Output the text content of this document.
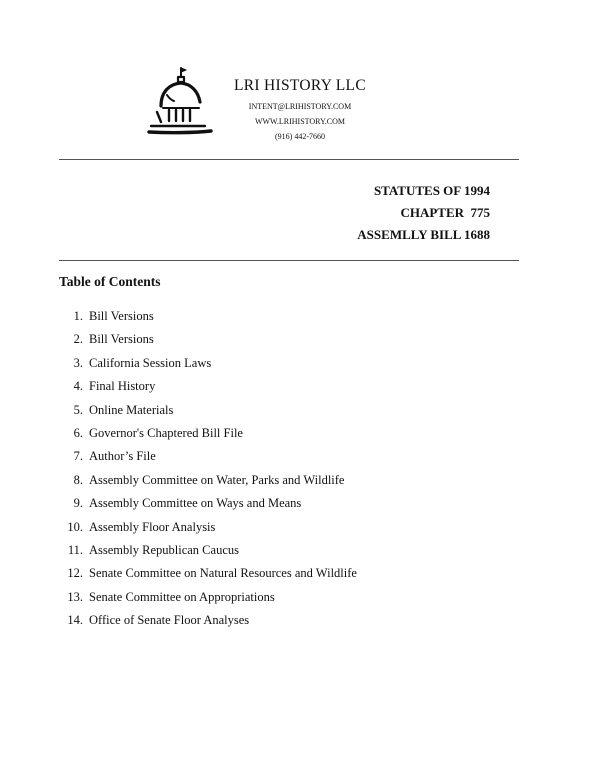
LRI HISTORY LLC
INTENT@LRIHISTORY.COM
WWW.LRIHISTORY.COM
(916) 442-7660
STATUTES OF 1994
CHAPTER  775
ASSEMLLY BILL 1688
Table of Contents
1. Bill Versions
2. Bill Versions
3. California Session Laws
4. Final History
5. Online Materials
6. Governor's Chaptered Bill File
7. Author’s File
8. Assembly Committee on Water, Parks and Wildlife
9. Assembly Committee on Ways and Means
10. Assembly Floor Analysis
11. Assembly Republican Caucus
12. Senate Committee on Natural Resources and Wildlife
13. Senate Committee on Appropriations
14. Office of Senate Floor Analyses
